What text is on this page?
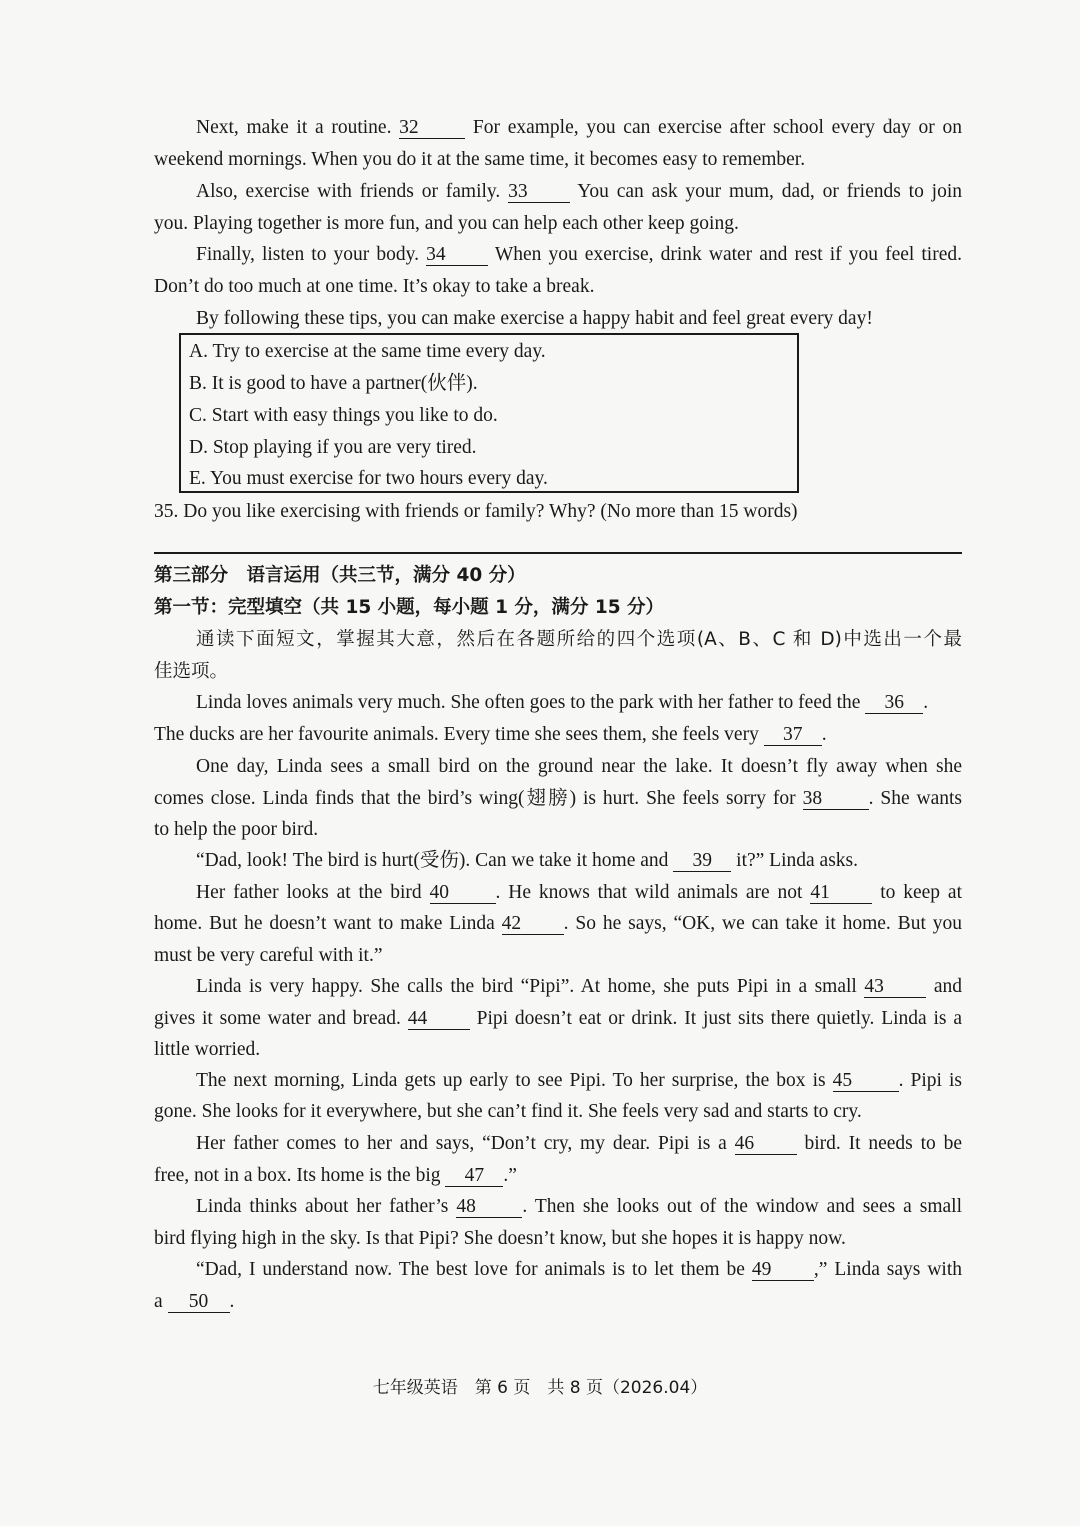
Next, make it a routine. 32	For example, you can exercise after school every day or on
weekend mornings. When you do it at the same time, it becomes easy to remember.
Also, exercise with friends or family. 33	You can ask your mum, dad, or friends to join
you. Playing together is more fun, and you can help each other keep going.
Finally, listen to your body. 34	When you exercise, drink water and rest if you feel tired.
Don’t do too much at one time. It’s okay to take a break.
By following these tips, you can make exercise a happy habit and feel great every day!
A. Try to exercise at the same time every day.
B. It is good to have a partner(伙伴).
C. Start with easy things you like to do.
D. Stop playing if you are very tired.
E. You must exercise for two hours every day.
35. Do you like exercising with friends or family? Why? (No more than 15 words)
第三部分　语言运用（共三节，满分 40 分）
第一节：完型填空（共 15 小题，每小题 1 分，满分 15 分）
通读下面短文，掌握其大意，然后在各题所给的四个选项(A、B、C 和 D)中选出一个最
佳选项。
Linda loves animals very much. She often goes to the park with her father to feed the 36 .
The ducks are her favourite animals. Every time she sees them, she feels very 37 .
One day, Linda sees a small bird on the ground near the lake. It doesn’t fly away when she
comes close. Linda finds that the bird’s wing(翅膀) is hurt. She feels sorry for 38 . She wants
to help the poor bird.
“Dad, look! The bird is hurt(受伤). Can we take it home and 39 it?” Linda asks.
Her father looks at the bird 40 . He knows that wild animals are not 41	to keep at
home. But he doesn’t want to make Linda 42 . So he says, “OK, we can take it home. But you
must be very careful with it.”
Linda is very happy. She calls the bird “Pipi”. At home, she puts Pipi in a small 43	and
gives it some water and bread. 44	Pipi doesn’t eat or drink. It just sits there quietly. Linda is a
little worried.
The next morning, Linda gets up early to see Pipi. To her surprise, the box is 45 . Pipi is
gone. She looks for it everywhere, but she can’t find it. She feels very sad and starts to cry.
Her father comes to her and says, “Don’t cry, my dear. Pipi is a 46	bird. It needs to be
free, not in a box. Its home is the big 47 .”
Linda thinks about her father’s 48 . Then she looks out of the window and sees a small
bird flying high in the sky. Is that Pipi? She doesn’t know, but she hopes it is happy now.
“Dad, I understand now. The best love for animals is to let them be 49 ,” Linda says with
a 50 .
七年级英语　第 6 页　共 8 页（2026.04）
